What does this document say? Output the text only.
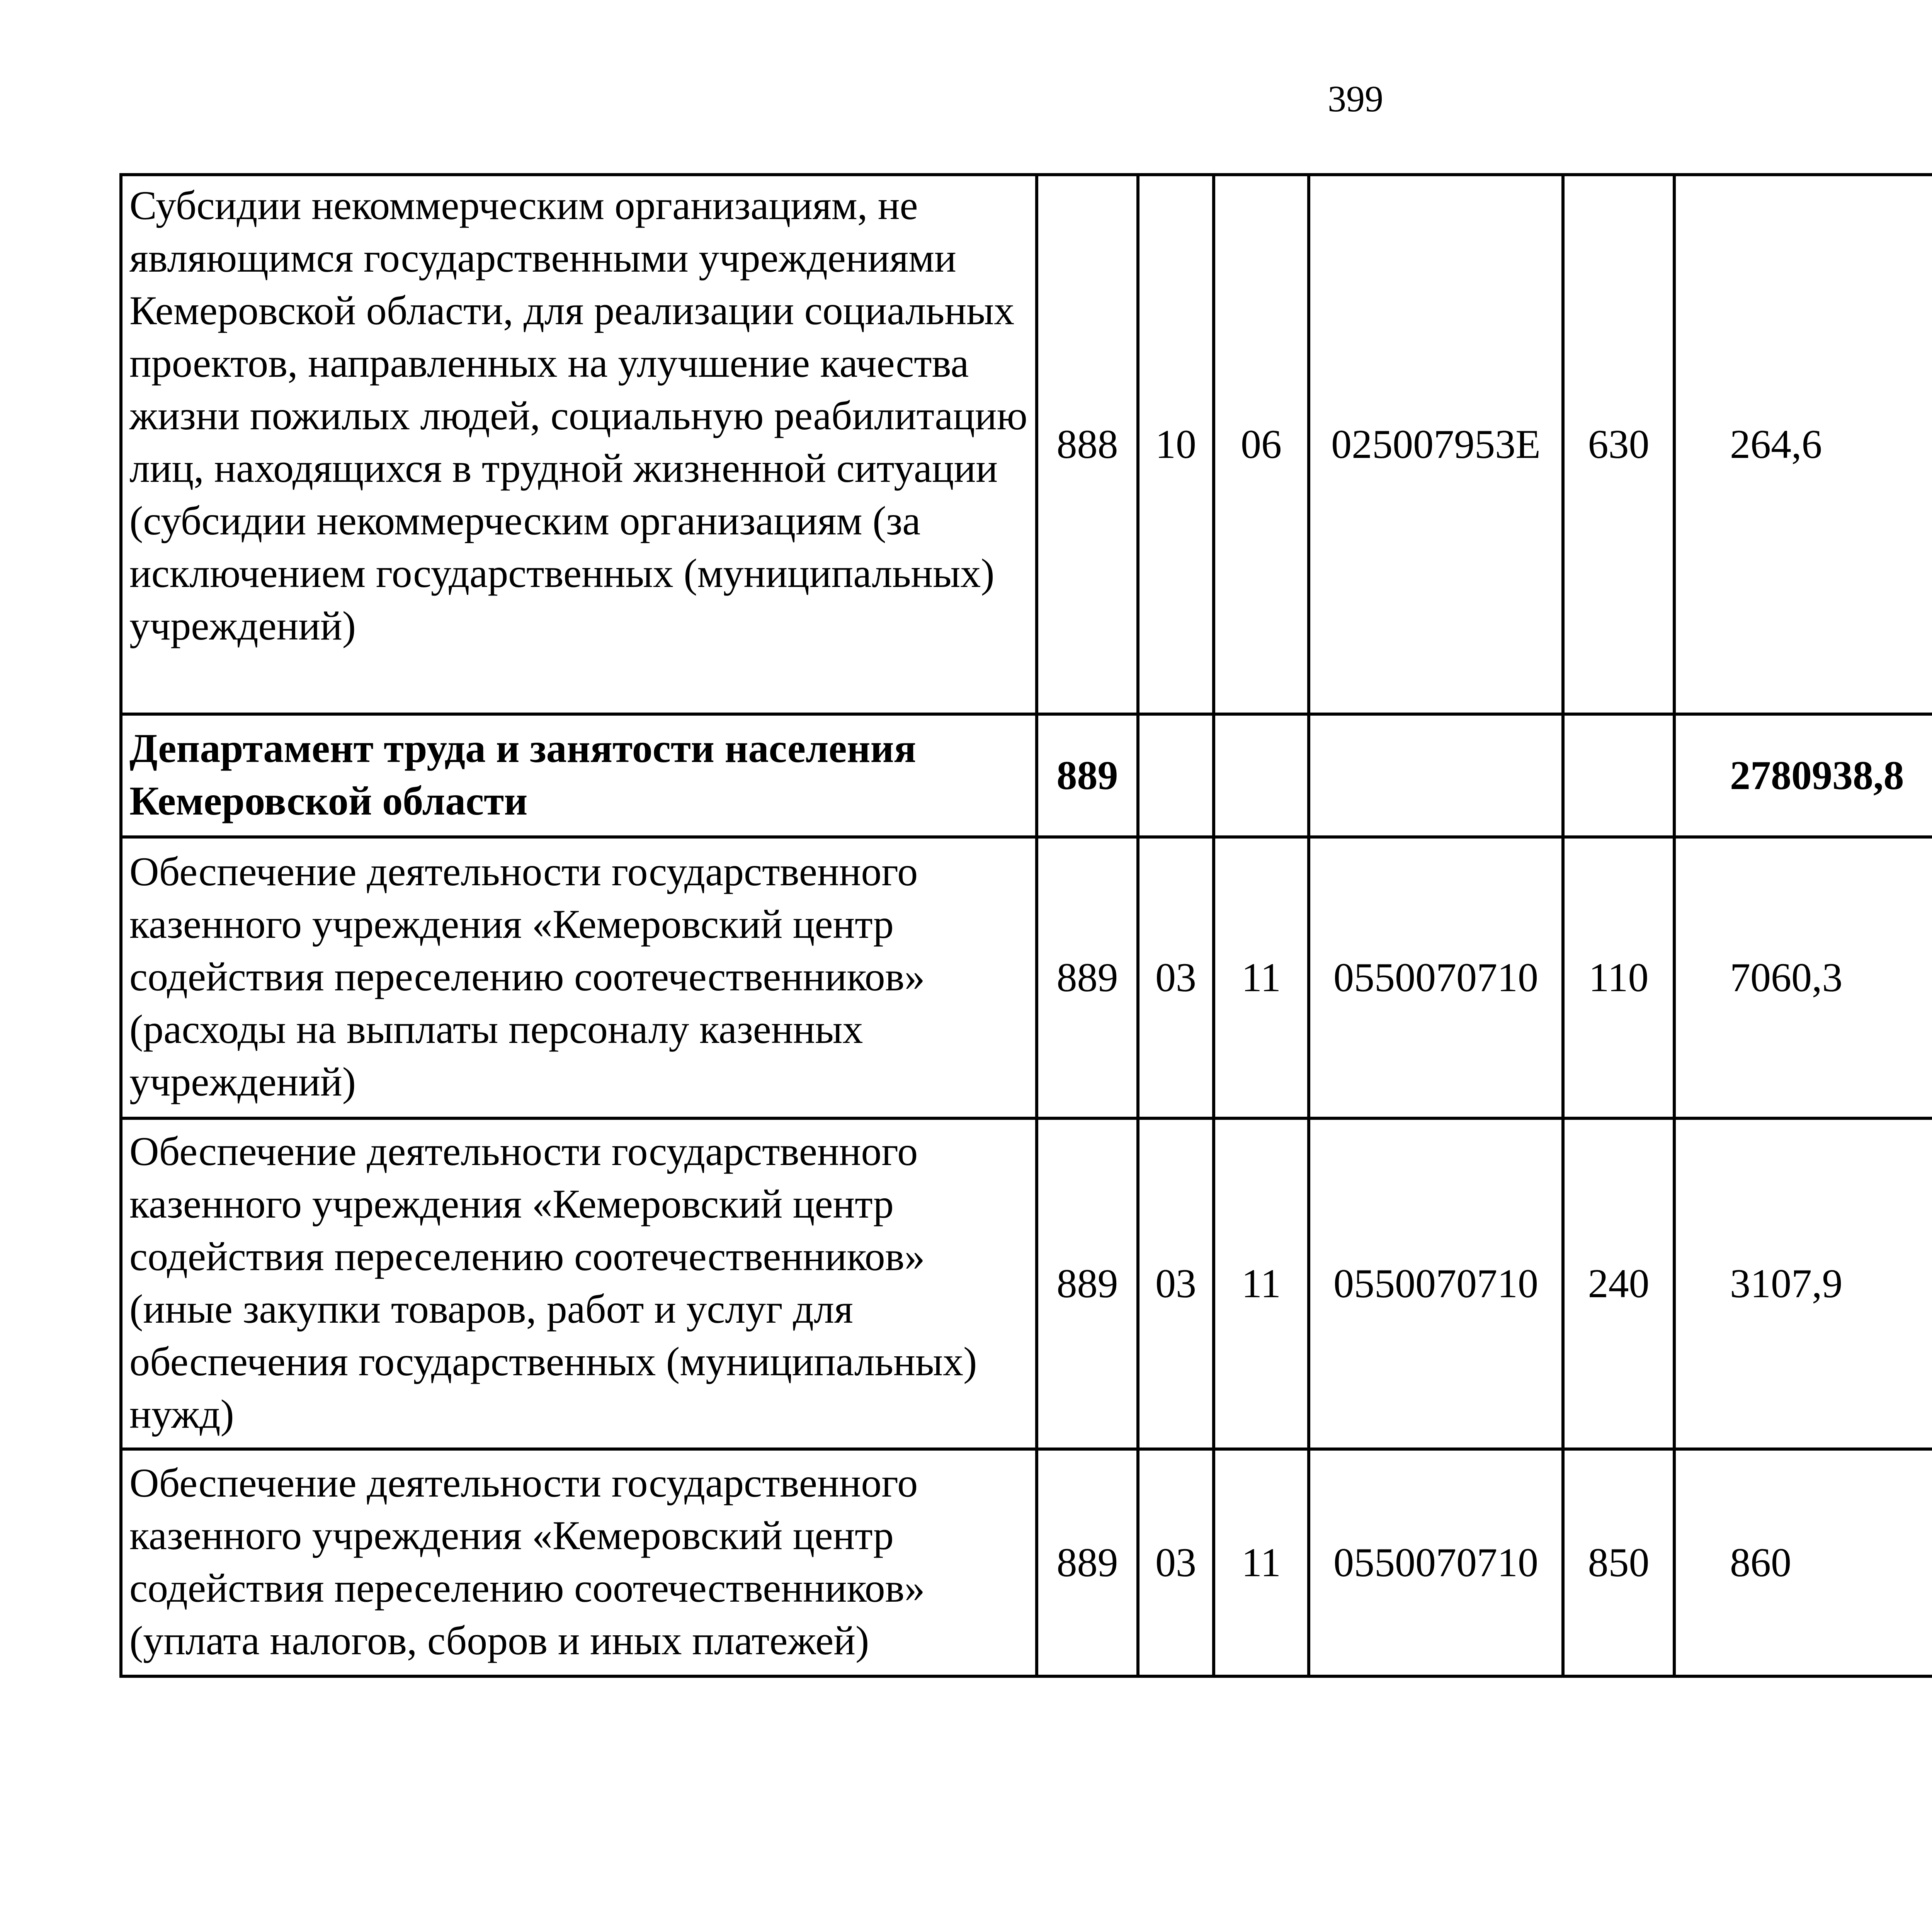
399
Субсидии некоммерческим организациям, не являющимся государственными учреждениями Кемеровской области, для реализации социальных проектов, направленных на улучшение качества жизни пожилых людей, социальную реабилитацию лиц, находящихся в трудной жизненной ситуации (субсидии некоммерческим организациям (за исключением государственных (муниципальных) учреждений)	888	10	06	025007953Е	630	264,6		
Департамент труда и занятости населения Кемеровской области	889					2780938,8		
Обеспечение деятельности государственного казенного учреждения «Кемеровский центр содействия переселению соотечественников» (расходы на выплаты персоналу казенных учреждений)	889	03	11	0550070710	110	7060,3		
Обеспечение деятельности государственного казенного учреждения «Кемеровский центр содействия переселению соотечественников» (иные закупки товаров, работ и услуг для обеспечения государственных (муниципальных) нужд)	889	03	11	0550070710	240	3107,9		
Обеспечение деятельности государственного казенного учреждения «Кемеровский центр содействия переселению соотечественников» (уплата налогов, сборов и иных платежей)	889	03	11	0550070710	850	860		
